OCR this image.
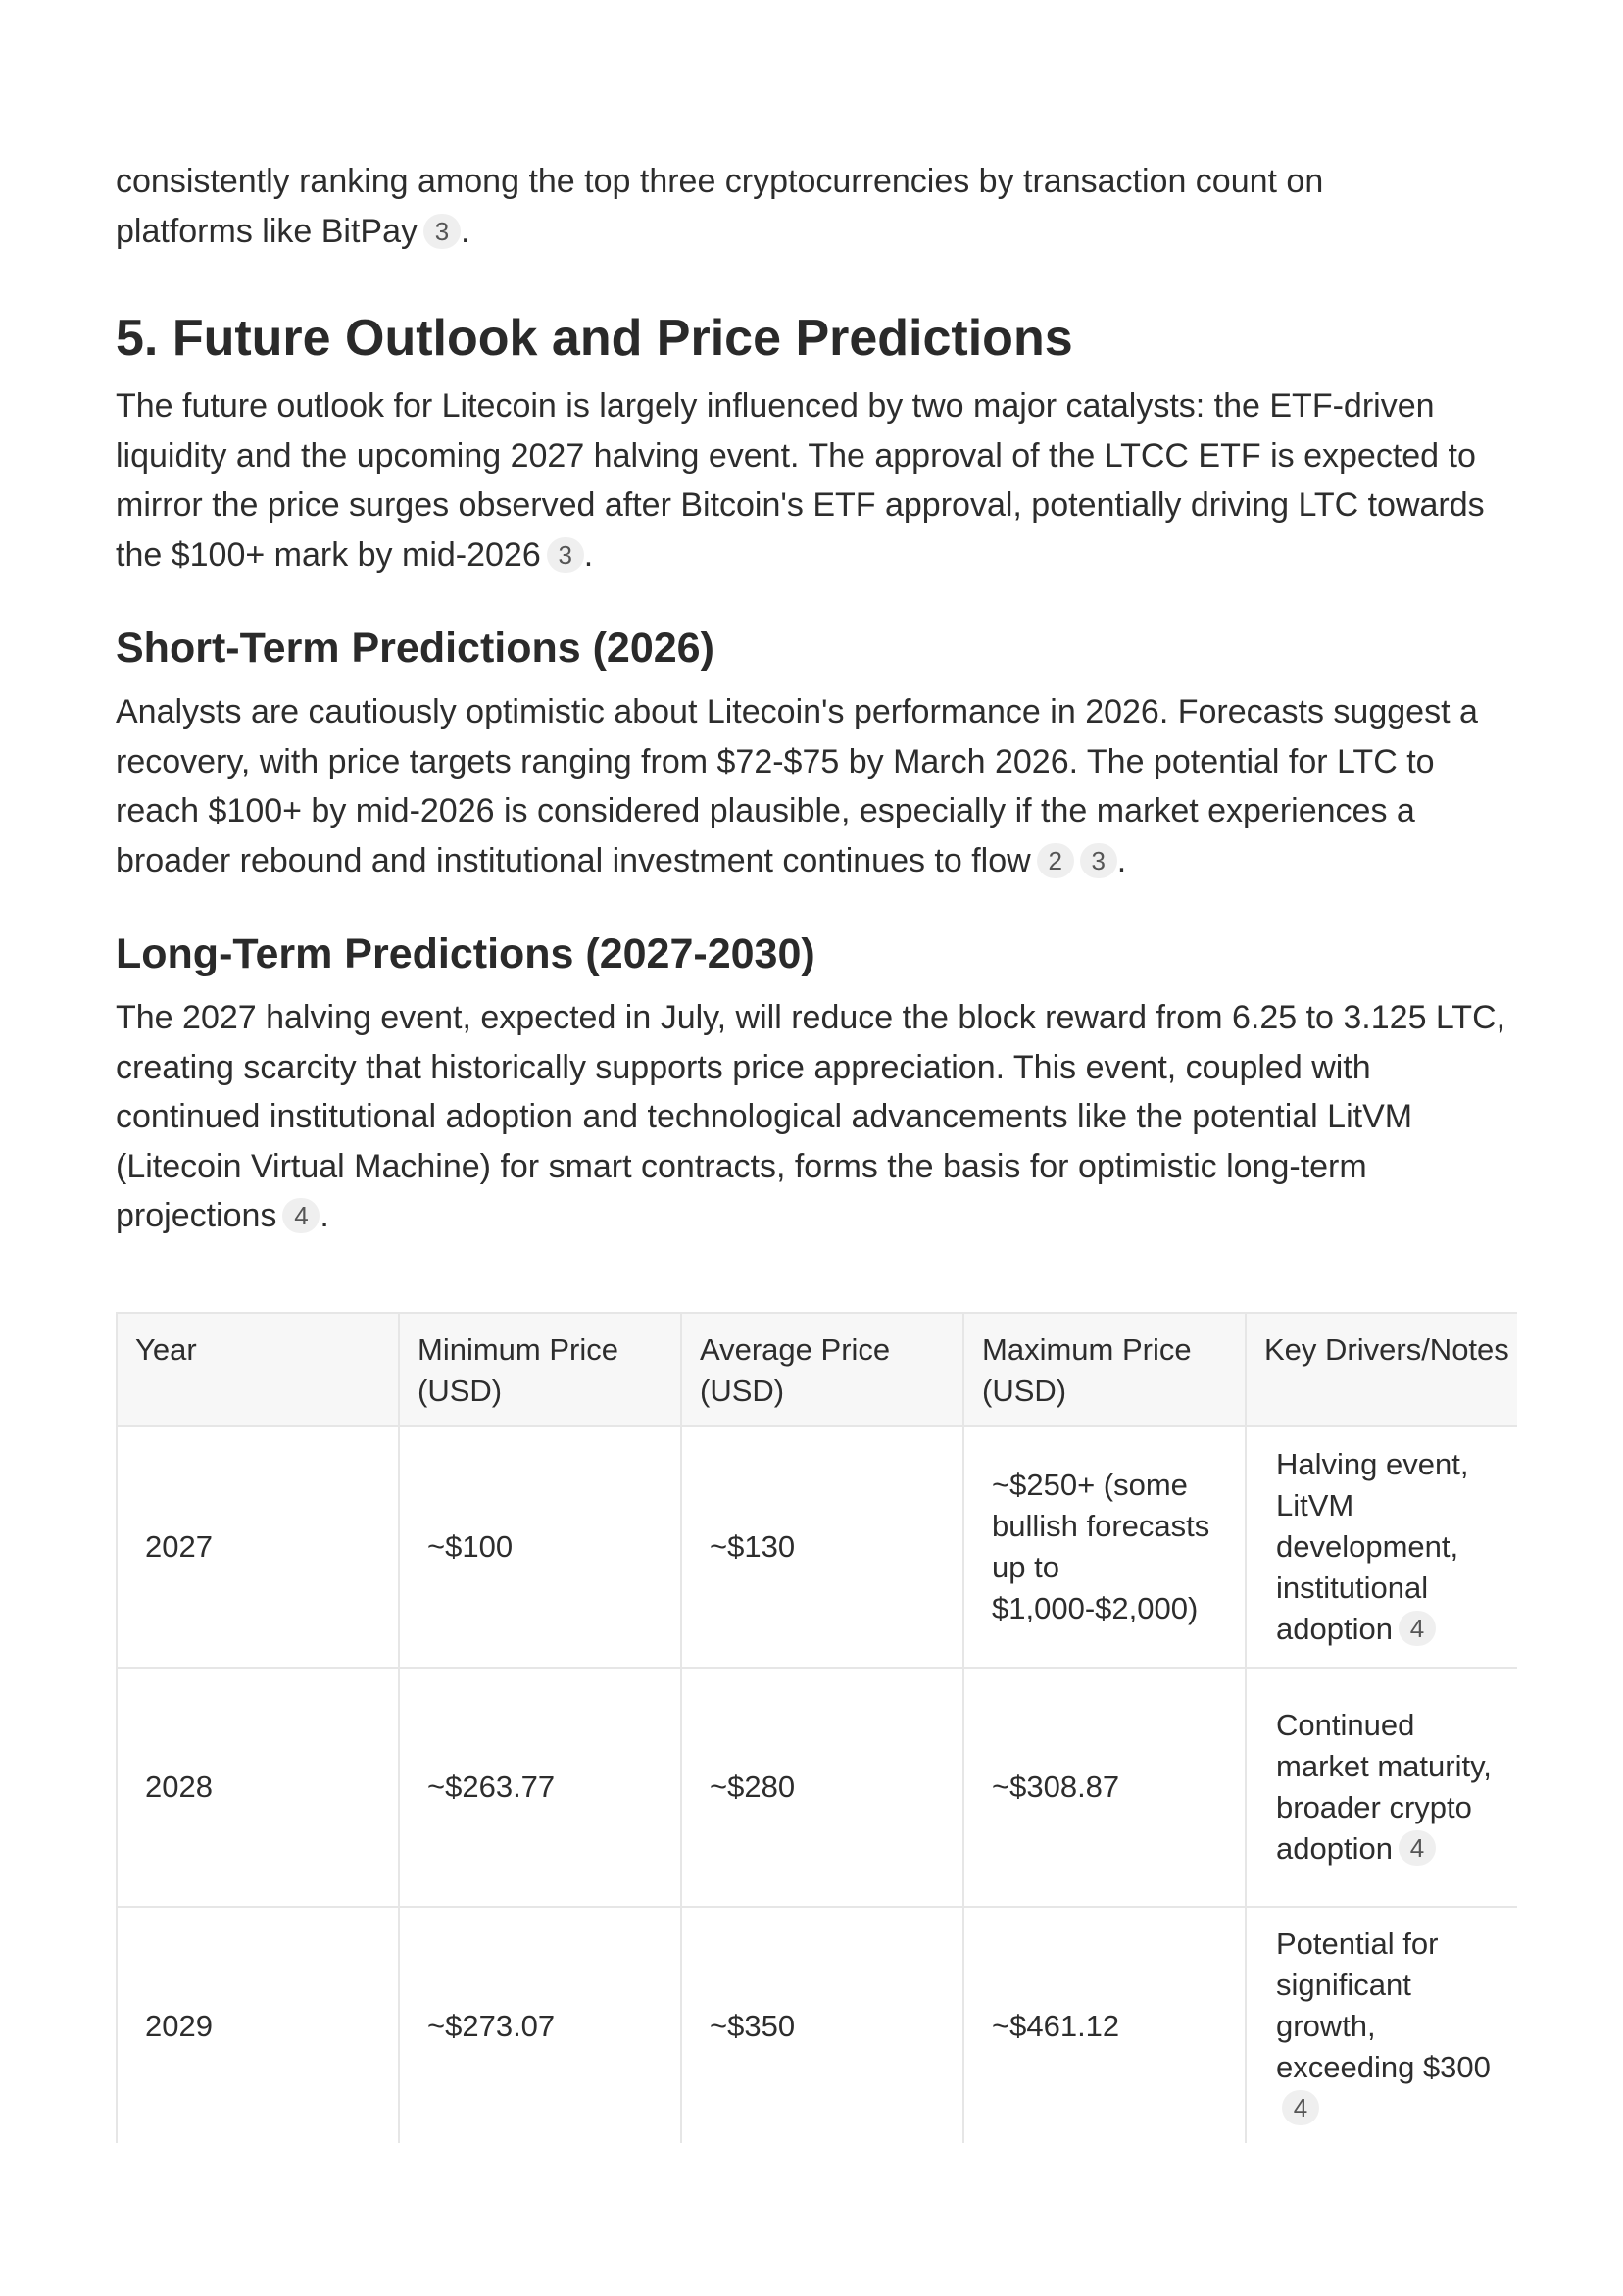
consistently ranking among the top three cryptocurrencies by transaction count on platforms like BitPay 3 .

5. Future Outlook and Price Predictions

The future outlook for Litecoin is largely influenced by two major catalysts: the ETF-driven liquidity and the upcoming 2027 halving event. The approval of the LTCC ETF is expected to mirror the price surges observed after Bitcoin's ETF approval, potentially driving LTC towards the $100+ mark by mid-2026 3 .

Short-Term Predictions (2026)

Analysts are cautiously optimistic about Litecoin's performance in 2026. Forecasts suggest a recovery, with price targets ranging from $72-$75 by March 2026. The potential for LTC to reach $100+ by mid-2026 is considered plausible, especially if the market experiences a broader rebound and institutional investment continues to flow 2 3 .

Long-Term Predictions (2027-2030)

The 2027 halving event, expected in July, will reduce the block reward from 6.25 to 3.125 LTC, creating scarcity that historically supports price appreciation. This event, coupled with continued institutional adoption and technological advancements like the potential LitVM (Litecoin Virtual Machine) for smart contracts, forms the basis for optimistic long-term projections 4 .

Year	Minimum Price (USD)	Average Price (USD)	Maximum Price (USD)	Key Drivers/Notes
2027	~$100	~$130	~$250+ (some bullish forecasts up to $1,000-$2,000)	Halving event, LitVM development, institutional adoption 4
2028	~$263.77	~$280	~$308.87	Continued market maturity, broader crypto adoption 4
2029	~$273.07	~$350	~$461.12	Potential for significant growth, exceeding $3004
